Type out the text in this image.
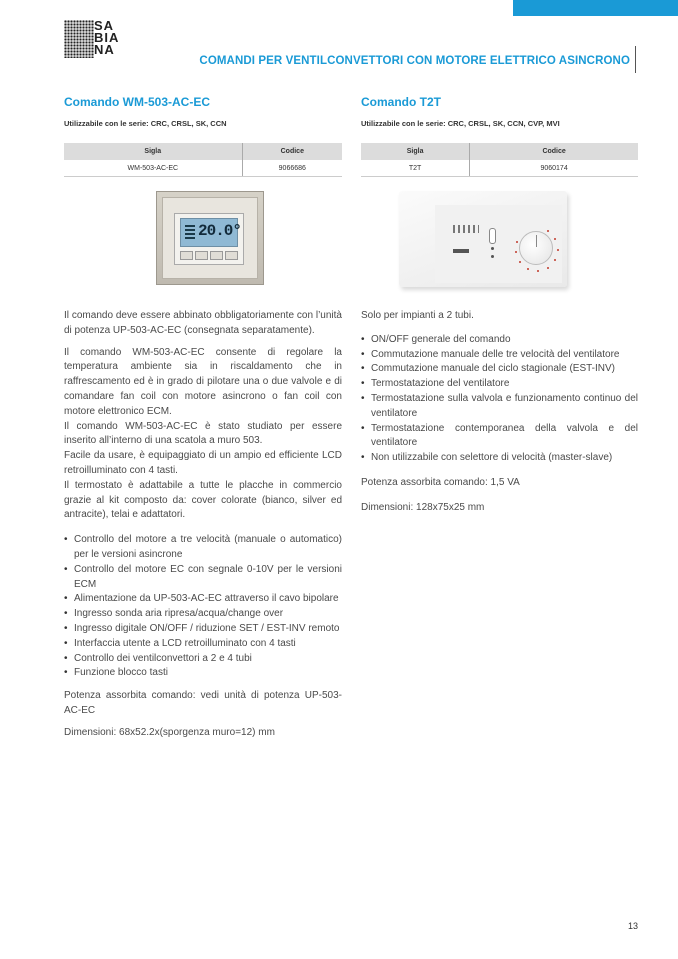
SA
BIA
NA
COMANDI PER VENTILCONVETTORI CON MOTORE ELETTRICO ASINCRONO
Comando WM-503-AC-EC
Utilizzabile con le serie: CRC, CRSL, SK, CCN
Sigla	Codice
WM-503-AC-EC	9066686
20.0°

Il comando deve essere abbinato obbligatoriamente con l’unità di potenza UP-503-AC-EC (consegnata separatamente).

Il comando WM-503-AC-EC consente di regolare la temperatura ambiente sia in riscaldamento che in raffrescamento ed è in grado di pilotare una o due valvole e di comandare fan coil con motore asincrono o fan coil con motore elettronico ECM.

Il comando WM-503-AC-EC è stato studiato per essere inserito all’interno di una scatola a muro 503.

Facile da usare, è equipaggiato di un ampio ed efficiente LCD retroilluminato con 4 tasti.

Il termostato è adattabile a tutte le placche in commercio grazie al kit composto da: cover colorate (bianco, silver ed antracite), telai e adattatori.

• Controllo del motore a tre velocità (manuale o automatico) per le versioni asincrone
• Controllo del motore EC con segnale 0-10V per le versioni ECM
• Alimentazione da UP-503-AC-EC attraverso il cavo bipolare
• Ingresso sonda aria ripresa/acqua/change over
• Ingresso digitale ON/OFF / riduzione SET / EST-INV remoto
• Interfaccia utente a LCD retroilluminato con 4 tasti
• Controllo dei ventilconvettori a 2 e 4 tubi
• Funzione blocco tasti

Potenza assorbita comando: vedi unità di potenza UP-503-AC-EC

Dimensioni: 68x52.2x(sporgenza muro=12) mm

Comando T2T
Utilizzabile con le serie: CRC, CRSL, SK, CCN, CVP, MVI
Sigla	Codice
T2T	9060174

Solo per impianti a 2 tubi.

• ON/OFF generale del comando
• Commutazione manuale delle tre velocità del ventilatore
• Commutazione manuale del ciclo stagionale (EST-INV)
• Termostatazione del ventilatore
• Termostatazione sulla valvola e funzionamento continuo del ventilatore
• Termostatazione contemporanea della valvola e del ventilatore
• Non utilizzabile con selettore di velocità (master-slave)

Potenza assorbita comando: 1,5 VA

Dimensioni: 128x75x25 mm

13
